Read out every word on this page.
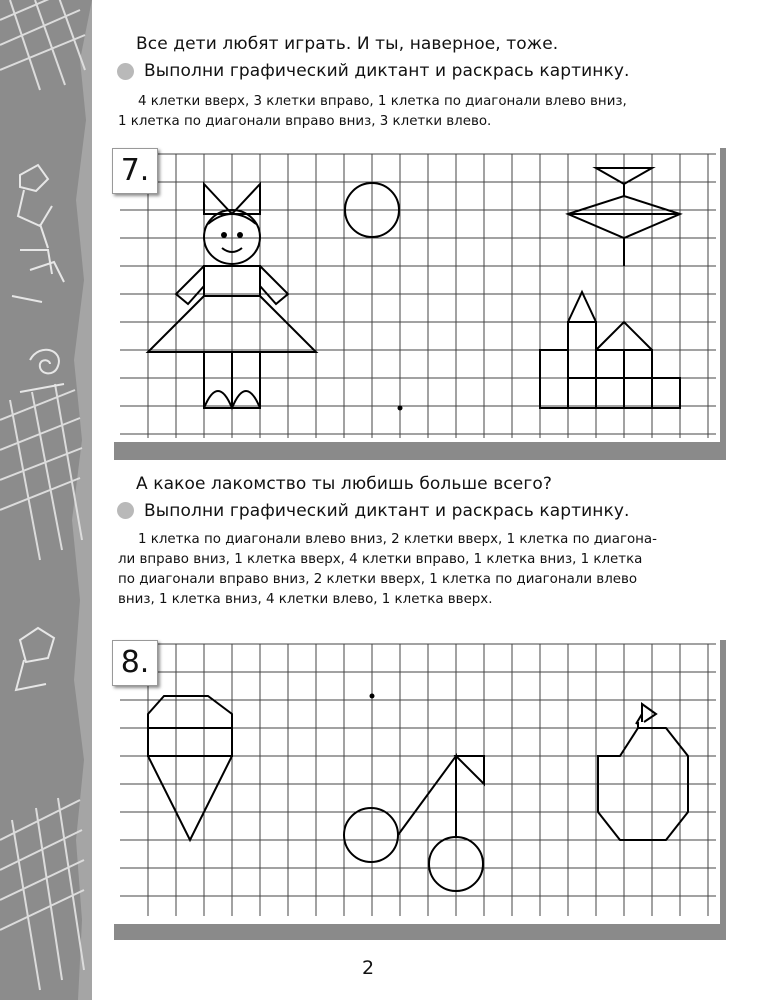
Все дети любят играть. И ты, наверное, тоже.
Выполни графический диктант и раскрась картинку.
4 клетки вверх, 3 клетки вправо, 1 клетка по диагонали влево вниз,
1 клетка по диагонали вправо вниз, 3 клетки влево.
7.
А какое лакомство ты любишь больше всего?
Выполни графический диктант и раскрась картинку.
1 клетка по диагонали влево вниз, 2 клетки вверх, 1 клетка по диагона-
ли вправо вниз, 1 клетка вверх, 4 клетки вправо, 1 клетка вниз, 1 клетка
по диагонали вправо вниз, 2 клетки вверх, 1 клетка по диагонали влево
вниз, 1 клетка вниз, 4 клетки влево, 1 клетка вверх.
8.
2
